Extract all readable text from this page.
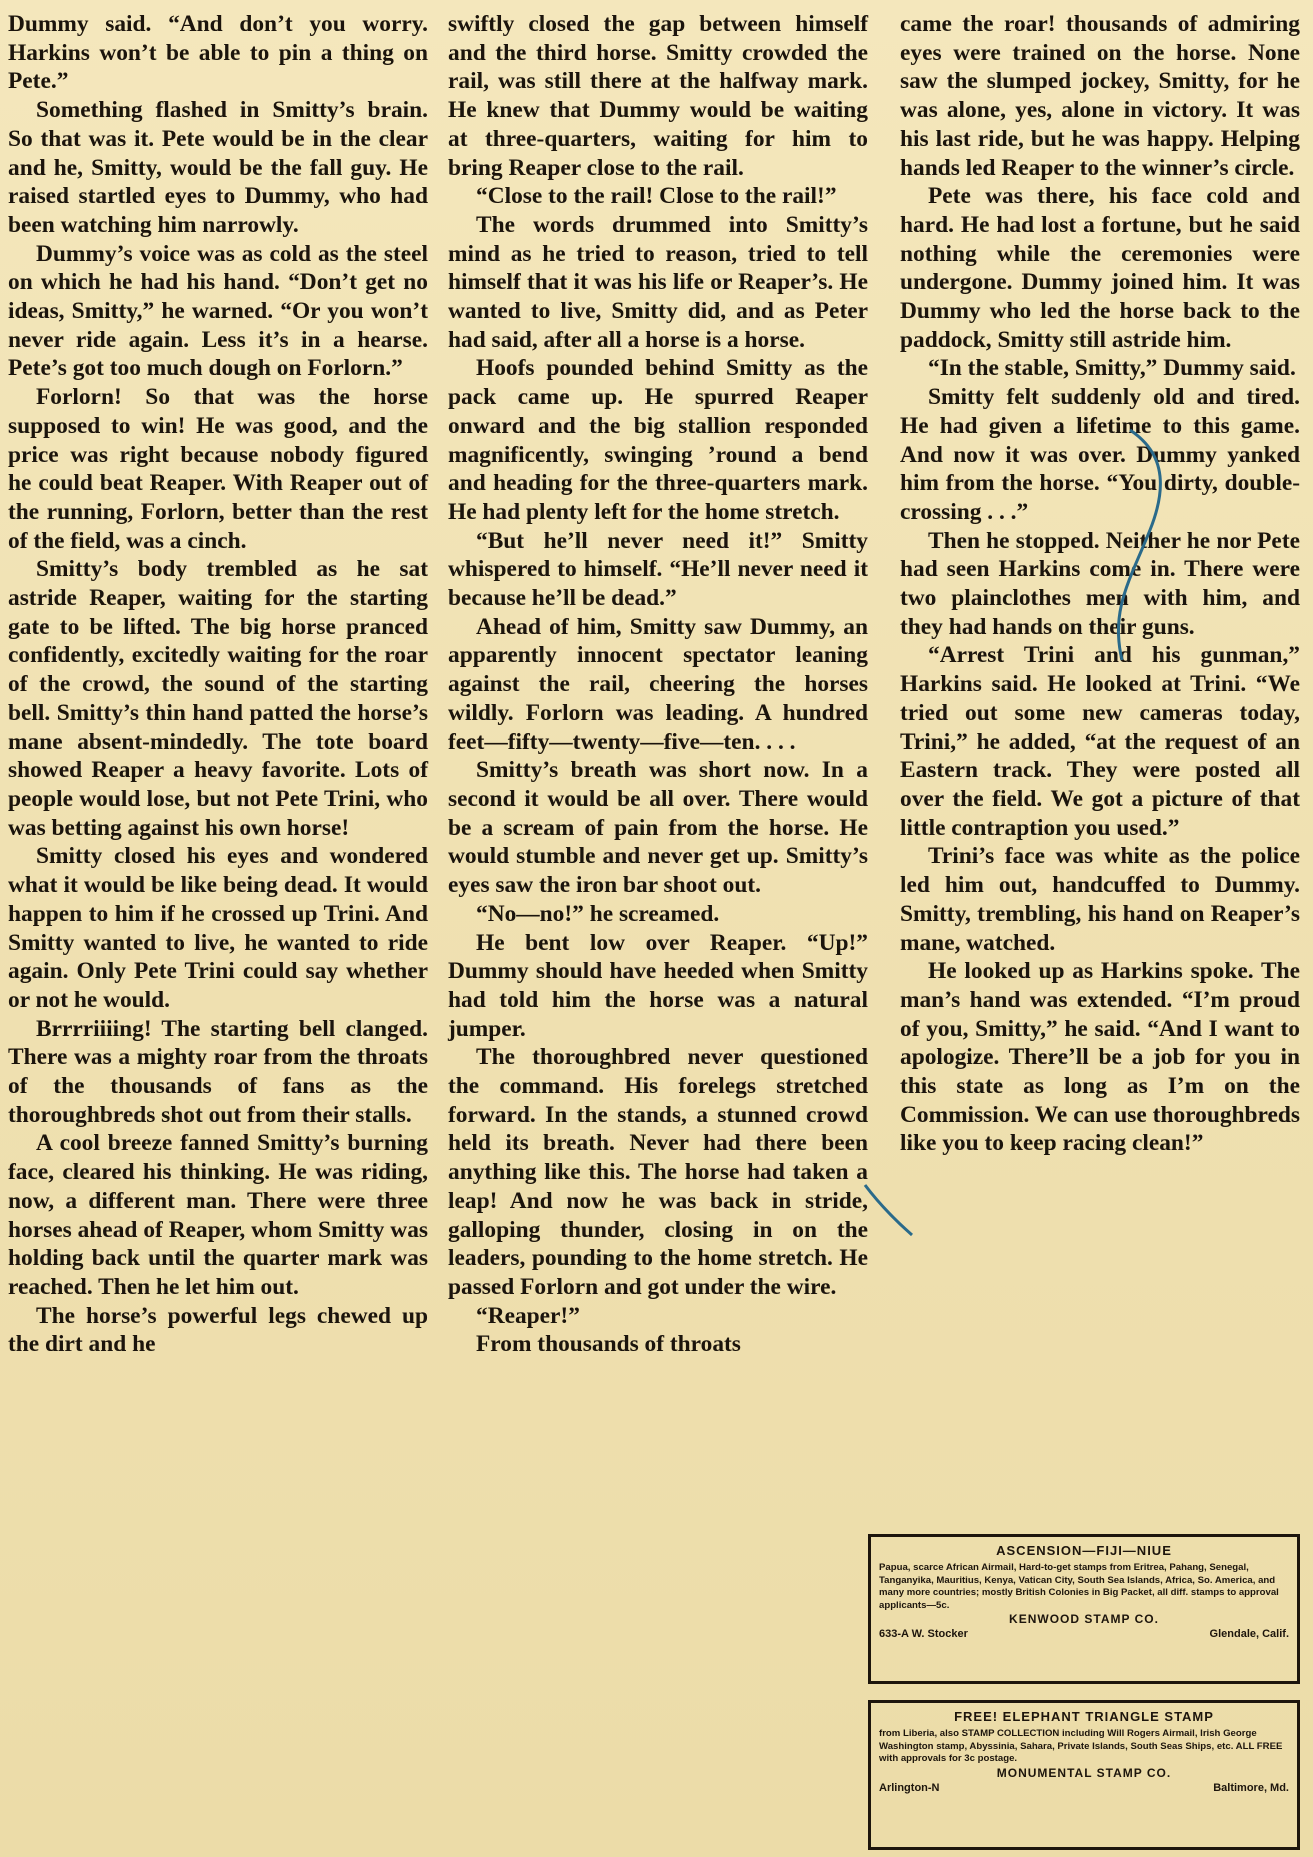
Dummy said. “And don’t you worry. Harkins won’t be able to pin a thing on Pete.”

Something flashed in Smitty’s brain. So that was it. Pete would be in the clear and he, Smitty, would be the fall guy. He raised startled eyes to Dummy, who had been watching him narrowly.

Dummy’s voice was as cold as the steel on which he had his hand. “Don’t get no ideas, Smitty,” he warned. “Or you won’t never ride again. Less it’s in a hearse. Pete’s got too much dough on Forlorn.”

Forlorn! So that was the horse supposed to win! He was good, and the price was right because nobody figured he could beat Reaper. With Reaper out of the running, Forlorn, better than the rest of the field, was a cinch.

Smitty’s body trembled as he sat astride Reaper, waiting for the starting gate to be lifted. The big horse pranced confidently, excitedly waiting for the roar of the crowd, the sound of the starting bell. Smitty’s thin hand patted the horse’s mane absent-mindedly. The tote board showed Reaper a heavy favorite. Lots of people would lose, but not Pete Trini, who was betting against his own horse!

Smitty closed his eyes and wondered what it would be like being dead. It would happen to him if he crossed up Trini. And Smitty wanted to live, he wanted to ride again. Only Pete Trini could say whether or not he would.

Brrrriiiing! The starting bell clanged. There was a mighty roar from the throats of the thousands of fans as the thoroughbreds shot out from their stalls.

A cool breeze fanned Smitty’s burning face, cleared his thinking. He was riding, now, a different man. There were three horses ahead of Reaper, whom Smitty was holding back until the quarter mark was reached. Then he let him out.

The horse’s powerful legs chewed up the dirt and he

swiftly closed the gap between himself and the third horse. Smitty crowded the rail, was still there at the halfway mark. He knew that Dummy would be waiting at three-quarters, waiting for him to bring Reaper close to the rail.

“Close to the rail! Close to the rail!”

The words drummed into Smitty’s mind as he tried to reason, tried to tell himself that it was his life or Reaper’s. He wanted to live, Smitty did, and as Peter had said, after all a horse is a horse.

Hoofs pounded behind Smitty as the pack came up. He spurred Reaper onward and the big stallion responded magnificently, swinging ’round a bend and heading for the three-quarters mark. He had plenty left for the home stretch.

“But he’ll never need it!” Smitty whispered to himself. “He’ll never need it because he’ll be dead.”

Ahead of him, Smitty saw Dummy, an apparently innocent spectator leaning against the rail, cheering the horses wildly. Forlorn was leading. A hundred feet—fifty—twenty—five—ten. . . .

Smitty’s breath was short now. In a second it would be all over. There would be a scream of pain from the horse. He would stumble and never get up. Smitty’s eyes saw the iron bar shoot out.

“No—no!” he screamed.

He bent low over Reaper. “Up!” Dummy should have heeded when Smitty had told him the horse was a natural jumper.

The thoroughbred never questioned the command. His forelegs stretched forward. In the stands, a stunned crowd held its breath. Never had there been anything like this. The horse had taken a leap! And now he was back in stride, galloping thunder, closing in on the leaders, pounding to the home stretch. He passed Forlorn and got under the wire.

“Reaper!”

From thousands of throats

came the roar! thousands of admiring eyes were trained on the horse. None saw the slumped jockey, Smitty, for he was alone, yes, alone in victory. It was his last ride, but he was happy. Helping hands led Reaper to the winner’s circle.

Pete was there, his face cold and hard. He had lost a fortune, but he said nothing while the ceremonies were undergone. Dummy joined him. It was Dummy who led the horse back to the paddock, Smitty still astride him.

“In the stable, Smitty,” Dummy said.

Smitty felt suddenly old and tired. He had given a lifetime to this game. And now it was over. Dummy yanked him from the horse. “You dirty, double-crossing . . .”

Then he stopped. Neither he nor Pete had seen Harkins come in. There were two plainclothes men with him, and they had hands on their guns.

“Arrest Trini and his gunman,” Harkins said. He looked at Trini. “We tried out some new cameras today, Trini,” he added, “at the request of an Eastern track. They were posted all over the field. We got a picture of that little contraption you used.”

Trini’s face was white as the police led him out, handcuffed to Dummy. Smitty, trembling, his hand on Reaper’s mane, watched.

He looked up as Harkins spoke. The man’s hand was extended. “I’m proud of you, Smitty,” he said. “And I want to apologize. There’ll be a job for you in this state as long as I’m on the Commission. We can use thoroughbreds like you to keep racing clean!”

ASCENSION—FIJI—NIUE
Papua, scarce African Airmail, Hard-to-get stamps from Eritrea, Pahang, Senegal, Tanganyika, Mauritius, Kenya, Vatican City, South Sea Islands, Africa, So. America, and many more countries; mostly British Colonies in Big Packet, all diff. stamps to approval applicants—5c.
KENWOOD STAMP CO.
633-A W. Stocker	Glendale, Calif.
FREE! ELEPHANT TRIANGLE STAMP
from Liberia, also STAMP COLLECTION including Will Rogers Airmail, Irish George Washington stamp, Abyssinia, Sahara, Private Islands, South Seas Ships, etc. ALL FREE with approvals for 3c postage.
MONUMENTAL STAMP CO.
Arlington-N	Baltimore, Md.
